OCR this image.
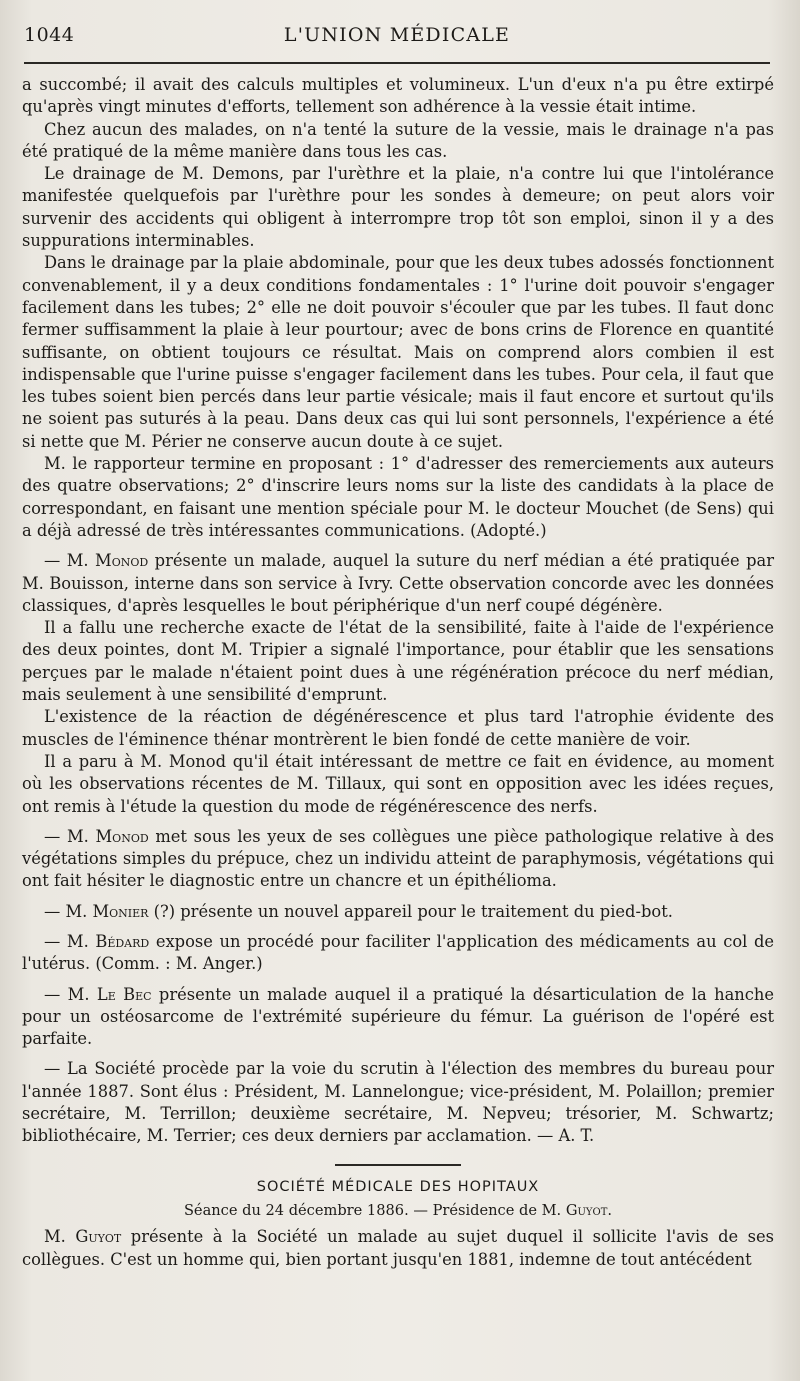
1044	L'UNION MÉDICALE

a succombé; il avait des calculs multiples et volumineux. L'un d'eux n'a pu être extirpé qu'après vingt minutes d'efforts, tellement son adhérence à la vessie était intime.

Chez aucun des malades, on n'a tenté la suture de la vessie, mais le drainage n'a pas été pratiqué de la même manière dans tous les cas.

Le drainage de M. Demons, par l'urèthre et la plaie, n'a contre lui que l'intolérance manifestée quelquefois par l'urèthre pour les sondes à demeure; on peut alors voir survenir des accidents qui obligent à interrompre trop tôt son emploi, sinon il y a des suppurations interminables.

Dans le drainage par la plaie abdominale, pour que les deux tubes adossés fonctionnent convenablement, il y a deux conditions fondamentales : 1° l'urine doit pouvoir s'engager facilement dans les tubes; 2° elle ne doit pouvoir s'écouler que par les tubes. Il faut donc fermer suffisamment la plaie à leur pourtour; avec de bons crins de Florence en quantité suffisante, on obtient toujours ce résultat. Mais on comprend alors combien il est indispensable que l'urine puisse s'engager facilement dans les tubes. Pour cela, il faut que les tubes soient bien percés dans leur partie vésicale; mais il faut encore et surtout qu'ils ne soient pas suturés à la peau. Dans deux cas qui lui sont personnels, l'expérience a été si nette que M. Périer ne conserve aucun doute à ce sujet.

M. le rapporteur termine en proposant : 1° d'adresser des remerciements aux auteurs des quatre observations; 2° d'inscrire leurs noms sur la liste des candidats à la place de correspondant, en faisant une mention spéciale pour M. le docteur Mouchet (de Sens) qui a déjà adressé de très intéressantes communications. (Adopté.)

— M. Monod présente un malade, auquel la suture du nerf médian a été pratiquée par M. Bouisson, interne dans son service à Ivry. Cette observation concorde avec les données classiques, d'après lesquelles le bout périphérique d'un nerf coupé dégénère.

Il a fallu une recherche exacte de l'état de la sensibilité, faite à l'aide de l'expérience des deux pointes, dont M. Tripier a signalé l'importance, pour établir que les sensations perçues par le malade n'étaient point dues à une régénération précoce du nerf médian, mais seulement à une sensibilité d'emprunt.

L'existence de la réaction de dégénérescence et plus tard l'atrophie évidente des muscles de l'éminence thénar montrèrent le bien fondé de cette manière de voir.

Il a paru à M. Monod qu'il était intéressant de mettre ce fait en évidence, au moment où les observations récentes de M. Tillaux, qui sont en opposition avec les idées reçues, ont remis à l'étude la question du mode de régénérescence des nerfs.

— M. Monod met sous les yeux de ses collègues une pièce pathologique relative à des végétations simples du prépuce, chez un individu atteint de paraphymosis, végétations qui ont fait hésiter le diagnostic entre un chancre et un épithélioma.

— M. Monier (?) présente un nouvel appareil pour le traitement du pied-bot.

— M. Bédard expose un procédé pour faciliter l'application des médicaments au col de l'utérus. (Comm. : M. Anger.)

— M. Le Bec présente un malade auquel il a pratiqué la désarticulation de la hanche pour un ostéosarcome de l'extrémité supérieure du fémur. La guérison de l'opéré est parfaite.

— La Société procède par la voie du scrutin à l'élection des membres du bureau pour l'année 1887. Sont élus : Président, M. Lannelongue; vice-président, M. Polaillon; premier secrétaire, M. Terrillon; deuxième secrétaire, M. Nepveu; trésorier, M. Schwartz; bibliothécaire, M. Terrier; ces deux derniers par acclamation. — A. T.

SOCIÉTÉ MÉDICALE DES HOPITAUX
Séance du 24 décembre 1886. — Présidence de M. Guyot.

M. Guyot présente à la Société un malade au sujet duquel il sollicite l'avis de ses collègues. C'est un homme qui, bien portant jusqu'en 1881, indemne de tout antécédent
